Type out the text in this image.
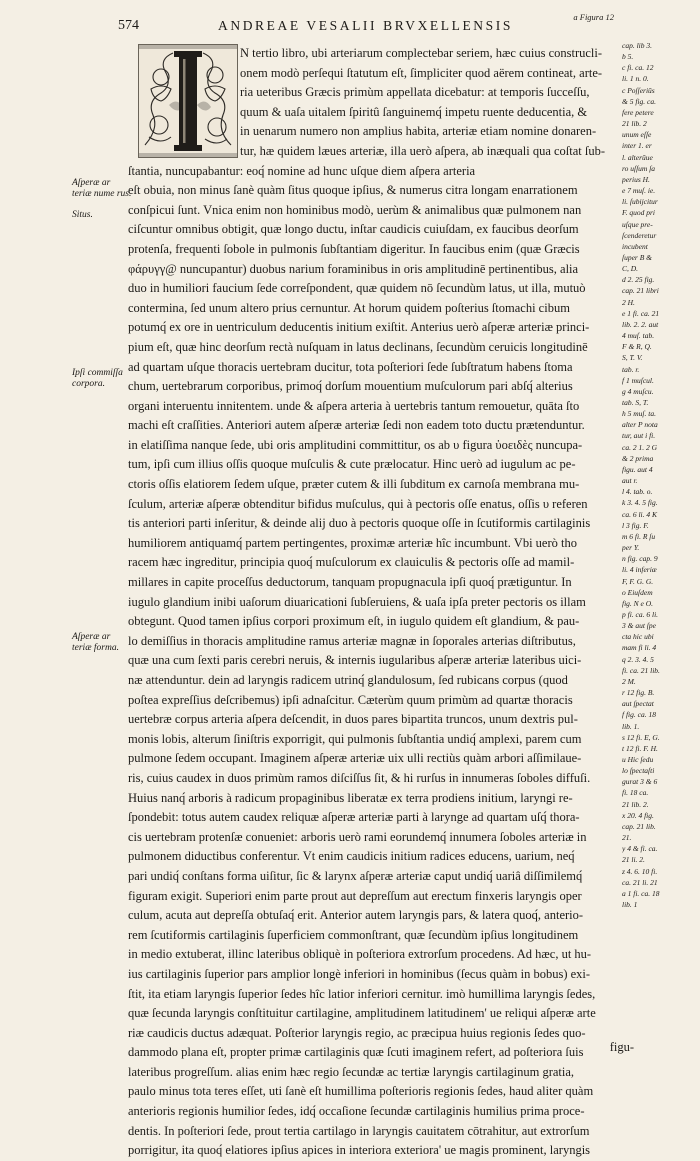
574	ANDREAE VESALII BRVXELLENSIS
a Figura 12
Aſperæ ar teriæ nume rus.
Situs.
Ipſi commiſſa corpora.
Aſperæ ar teriæ forma.
N tertio libro, ubi arteriarum complectebar seriem, hæc cuius construcli-
onem modò perſequi ſtatutum eſt, ſimpliciter quod aërem contineat, arte-
ria ueteribus Græcis primùm appellata dicebatur: at temporis ſucceſſu,
quum & uaſa uitalem ſpiritû ſanguinemq́ impetu ruente deducentia, &
in uenarum numero non amplius habita, arteriæ etiam nomine donaren-
tur, hæ quidem læues arteriæ, illa uerò aſpera, ab inæquali qua coſtat ſub-
ſtantia, nuncupabantur: eoq́ nomine ad hunc uſque diem aſpera arteria
eſt obuia, non minus ſanè quàm ſitus quoque ipſius, & numerus citra longam enarrationem
conſpicui ſunt. Vnica enim non hominibus modò, uerùm & animalibus quæ pulmonem nan
ciſcuntur omnibus obtigit, quæ longo ductu, inſtar caudicis cuiuſdam, ex faucibus deorſum
protenſa, frequenti ſobole in pulmonis ſubſtantiam digeritur. In faucibus enim (quæ Græcis
φάρυγγ@ nuncupantur) duobus narium foraminibus in oris amplitudinē pertinentibus, alia
duo in humiliori faucium ſede correſpondent, quæ quidem nō ſecundùm latus, ut illa, mutuò
contermina, ſed unum altero prius cernuntur. At horum quidem poſterius ſtomachi cibum
potumq́ ex ore in uentriculum deducentis initium exiſtit. Anterius uerò aſperæ arteriæ princi-
pium eſt, quæ hinc deorſum rectà nuſquam in latus declinans, ſecundùm ceruicis longitudinē
ad quartam uſque thoracis uertebram ducitur, tota poſteriori ſede ſubſtratum habens ſtoma
chum, uertebrarum corporibus, primoq́ dorſum mouentium muſculorum pari abſq́ alterius
organi interuentu innitentem. unde & aſpera arteria à uertebris tantum remouetur, quāta ſto
machi eſt craſſities. Anteriori autem aſperæ arteriæ ſedi non eadem toto ductu prætenduntur.
in elatiſſima nanque ſede, ubi oris amplitudini committitur, os ab υ figura ὑοειδὲς nuncupa-
tum, ipſi cum illius oſſis quoque muſculis & cute prælocatur. Hinc uerò ad iugulum ac pe-
ctoris oſſis elatiorem ſedem uſque, præter cutem & illi ſubditum ex carnoſa membrana mu-
ſculum, arteriæ aſperæ obtenditur bifidus muſculus, qui à pectoris oſſe enatus, oſſis υ referen
tis anteriori parti inſeritur, & deinde alij duo à pectoris quoque oſſe in ſcutiformis cartilaginis
humiliorem antiquamq́ partem pertingentes, proximæ arteriæ hîc incumbunt. Vbi uerò tho
racem hæc ingreditur, principia quoq́ muſculorum ex clauiculis & pectoris oſſe ad mamil-
millares in capite proceſſus deductorum, tanquam propugnacula ipſi quoq́ prætiguntur. In
iugulo glandium inibi uaſorum diuaricationi ſubſeruiens, & uaſa ipſa preter pectoris os illam
obtegunt. Quod tamen ipſius corpori proximum eſt, in iugulo quidem eſt glandium, & pau-
lo demiſſius in thoracis amplitudine ramus arteriæ magnæ in ſoporales arterias diſtributus,
quæ una cum ſexti paris cerebri neruis, & internis iugularibus aſperæ arteriæ lateribus uici-
næ attenduntur. dein ad laryngis radicem utrinq́ glandulosum, ſed rubicans corpus (quod
poſtea expreſſius deſcribemus) ipſi adnaſcitur. Cæterùm quum primùm ad quartæ thoracis
uertebræ corpus arteria aſpera deſcendit, in duos pares bipartita truncos, unum dextris pul-
monis lobis, alterum ſiniſtris exporrigit, qui pulmonis ſubſtantia undiq́ amplexi, parem cum
pulmone ſedem occupant. Imaginem aſperæ arteriæ uix ulli rectiùs quàm arbori aſſimilaue-
ris, cuius caudex in duos primùm ramos diſciſſus ſit, & hi rurſus in innumeras ſoboles diffuſi.
Huius nanq́ arboris à radicum propaginibus liberatæ ex terra prodiens initium, laryngi re-
ſpondebit: totus autem caudex reliquæ aſperæ arteriæ parti à larynge ad quartam uſq́ thora-
cis uertebram protenſæ conueniet: arboris uerò rami eorundemq́ innumera ſoboles arteriæ in
pulmonem diductibus conferentur. Vt enim caudicis initium radices educens, uarium, neq́
pari undiq́ conſtans forma uiſitur, ſic & larynx aſperæ arteriæ caput undiq́ uariâ diſſimilemq́
figuram exigit. Superiori enim parte prout aut depreſſum aut erectum finxeris laryngis oper
culum, acuta aut depreſſa obtuſaq́ erit. Anterior autem laryngis pars, & latera quoq́, anterio-
rem ſcutiformis cartilaginis ſuperficiem commonſtrant, quæ ſecundùm ipſius longitudinem
in medio extuberat, illinc lateribus obliquè in poſteriora extrorſum procedens. Ad hæc, ut hu-
ius cartilaginis ſuperior pars amplior longè inferiori in hominibus (ſecus quàm in bobus) exi-
ſtit, ita etiam laryngis ſuperior ſedes hîc latior inferiori cernitur. imò humillima laryngis ſedes,
quæ ſecunda laryngis conſtituitur cartilagine, amplitudinem latitudinem' ue reliqui aſperæ arte
riæ caudicis ductus adæquat. Poſterior laryngis regio, ac præcipua huius regionis ſedes quo-
dammodo plana eſt, propter primæ cartilaginis quæ ſcuti imaginem refert, ad poſteriora ſuis
lateribus progreſſum. alias enim hæc regio ſecundæ ac tertiæ laryngis cartilaginum gratia,
paulo minus tota teres eſſet, uti ſanè eſt humillima poſterioris regionis ſedes, haud aliter quàm
anterioris regionis humilior ſedes, idq́ occaſione ſecundæ cartilaginis humilius prima proce-
dentis. In poſteriori ſede, prout tertia cartilago in laryngis cauitatem cōtrahitur, aut extrorſum
porrigitur, ita quoq́ elatiores ipſius apices in interiora exteriora' ue magis prominent, laryngis
cap. lib 3.
b 5.
c fi. ca. 12
li. 1 n. 0.
c Poſſeriūs
& 5 fig. ca.
fere petere
21 lib. 2
unum eſſe
inter 1. er
l. alterūue
ro uſſum ſa
perius H.
e 7 muſ. ie.
li. ſubijcitur
F. quod pri
uſque pre-
ſcenderetur
incubent
ſuper B &
C, D.
d 2. 25 fig.
cap. 21 libri
2 H.
e 1 fi. ca. 21
lib. 2. 2. aut
4 muſ. tab.
F & R, Q.
S, T. V.
tab. r.
f 1 muſcul.
g 4 muſcu.
tab. S, T.
h 5 muſ. ta.
alter P nota
tur, aut i fi.
ca. 2 1. 2 G
& 2 prima
figu. aut 4
aut r.
l 4. tab. o.
k 3. 4. 5 fig.
ca. 6 li. 4 K
l 3 fig. F.
m 6 fi. R ſu
per Y.
n fig. cap. 9
li. 4 inferiæ
F, F. G. G.
o Eiuſdem
fig. N e O.
p fi. ca. 6 li.
3 & aut ſpe
cta hic ubi
mam fi li. 4
q 2. 3. 4. 5
fi. ca. 21 lib.
2 M.
r 12 fig. B.
aut ſpectat
f fig. ca. 18
lib. 1.
s 12 fi. E, G.
t 12 fi. F. H.
u Hic ſedu
lo ſpectaſti
gurat 3 & 6
fi. 18 ca.
21 lib. 2.
x 20. 4 fig.
cap. 21 lib.
21.
y 4 & fi. ca.
21 li. 2.
z 4. 6. 10 fi.
ca. 21 li. 21
a 1 fi. ca. 18
lib. 1
figu-
